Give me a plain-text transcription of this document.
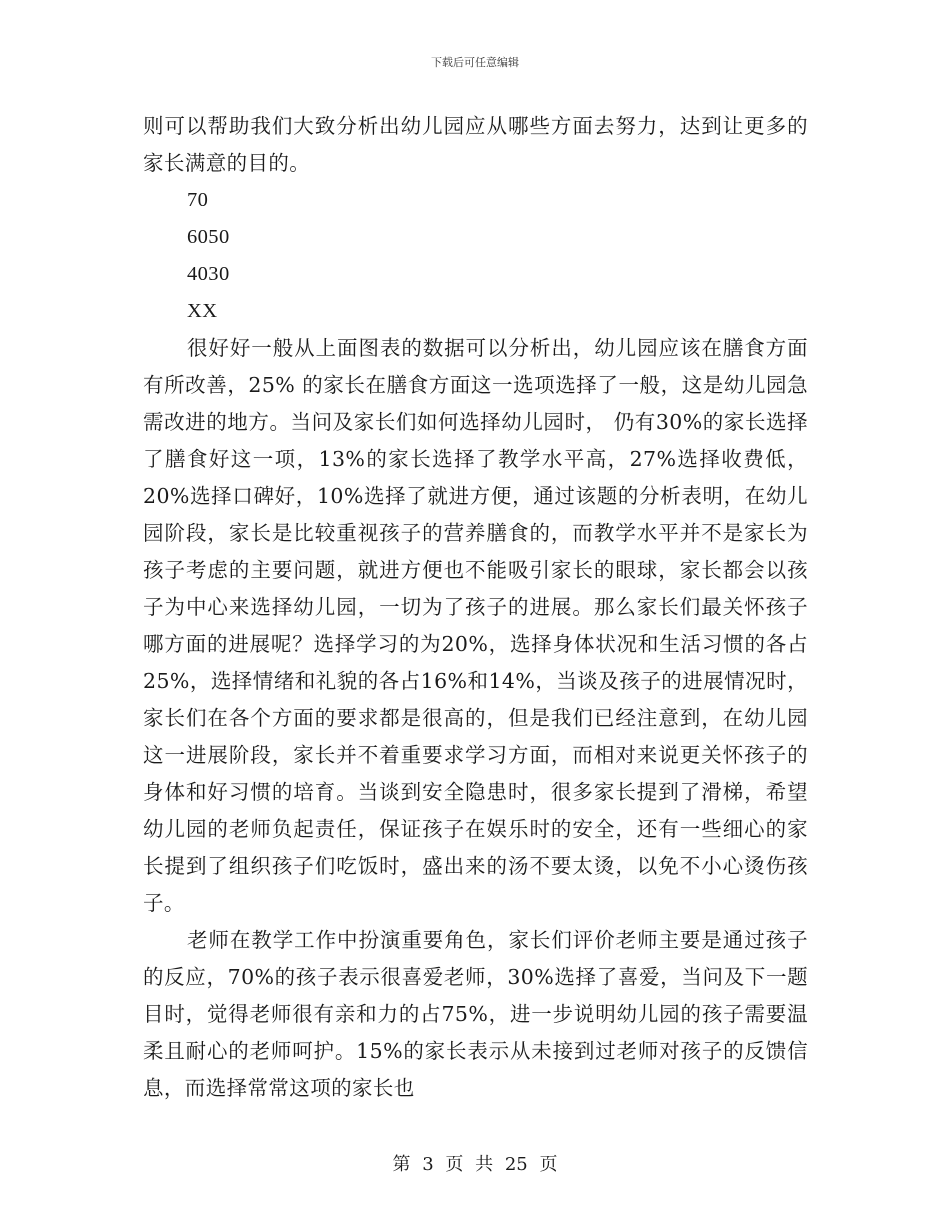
下载后可任意编辑

则可以帮助我们大致分析出幼儿园应从哪些方面去努力，达到让更多的家长满意的目的。

70

6050

4030

XX

很好好一般从上面图表的数据可以分析出，幼儿园应该在膳食方面有所改善，25% 的家长在膳食方面这一选项选择了一般，这是幼儿园急需改进的地方。当问及家长们如何选择幼儿园时， 仍有30%的家长选择了膳食好这一项，13%的家长选择了教学水平高，27%选择收费低，20%选择口碑好，10%选择了就进方便，通过该题的分析表明，在幼儿园阶段，家长是比较重视孩子的营养膳食的，而教学水平并不是家长为孩子考虑的主要问题，就进方便也不能吸引家长的眼球，家长都会以孩子为中心来选择幼儿园，一切为了孩子的进展。那么家长们最关怀孩子哪方面的进展呢？选择学习的为20%，选择身体状况和生活习惯的各占25%，选择情绪和礼貌的各占16%和14%，当谈及孩子的进展情况时，家长们在各个方面的要求都是很高的，但是我们已经注意到，在幼儿园这一进展阶段，家长并不着重要求学习方面，而相对来说更关怀孩子的身体和好习惯的培育。当谈到安全隐患时，很多家长提到了滑梯，希望幼儿园的老师负起责任，保证孩子在娱乐时的安全，还有一些细心的家长提到了组织孩子们吃饭时，盛出来的汤不要太烫，以免不小心烫伤孩子。

老师在教学工作中扮演重要角色，家长们评价老师主要是通过孩子的反应，70%的孩子表示很喜爱老师，30%选择了喜爱，当问及下一题目时，觉得老师很有亲和力的占75%，进一步说明幼儿园的孩子需要温柔且耐心的老师呵护。15%的家长表示从未接到过老师对孩子的反馈信息，而选择常常这项的家长也

第 3 页 共 25 页
